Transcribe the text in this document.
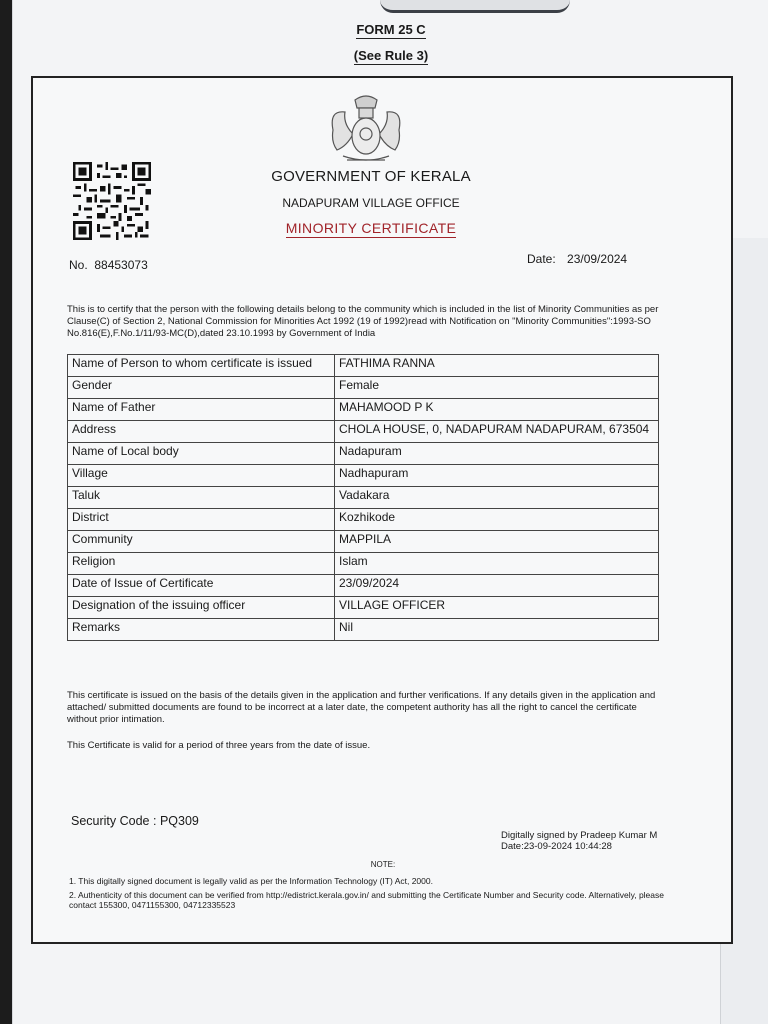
FORM 25 C
(See Rule 3)
GOVERNMENT OF KERALA
NADAPURAM VILLAGE OFFICE
MINORITY CERTIFICATE
No. 88453073	Date: 23/09/2024
This is to certify that the person with the following details belong to the community which is included in the list of Minority Communities as per Clause(C) of Section 2, National Commission for Minorities Act 1992 (19 of 1992)read with Notification on "Minority Communities":1993-SO No.816(E),F.No.1/11/93-MC(D),dated 23.10.1993 by Government of India
Name of Person to whom certificate is issued	FATHIMA RANNA
Gender	Female
Name of Father	MAHAMOOD P K
Address	CHOLA HOUSE, 0, NADAPURAM NADAPURAM, 673504
Name of Local body	Nadapuram
Village	Nadhapuram
Taluk	Vadakara
District	Kozhikode
Community	MAPPILA
Religion	Islam
Date of Issue of Certificate	23/09/2024
Designation of the issuing officer	VILLAGE OFFICER
Remarks	Nil
This certificate is issued on the basis of the details given in the application and further verifications. If any details given in the application and attached/ submitted documents are found to be incorrect at a later date, the competent authority has all the right to cancel the certificate without prior intimation.
This Certificate is valid for a period of three years from the date of issue.
Security Code : PQ309
Digitally signed by Pradeep Kumar M
Date:23-09-2024 10:44:28
NOTE:
1. This digitally signed document is legally valid as per the Information Technology (IT) Act, 2000.
2. Authenticity of this document can be verified from http://edistrict.kerala.gov.in/ and submitting the Certificate Number and Security code. Alternatively, please contact 155300, 0471155300, 04712335523
